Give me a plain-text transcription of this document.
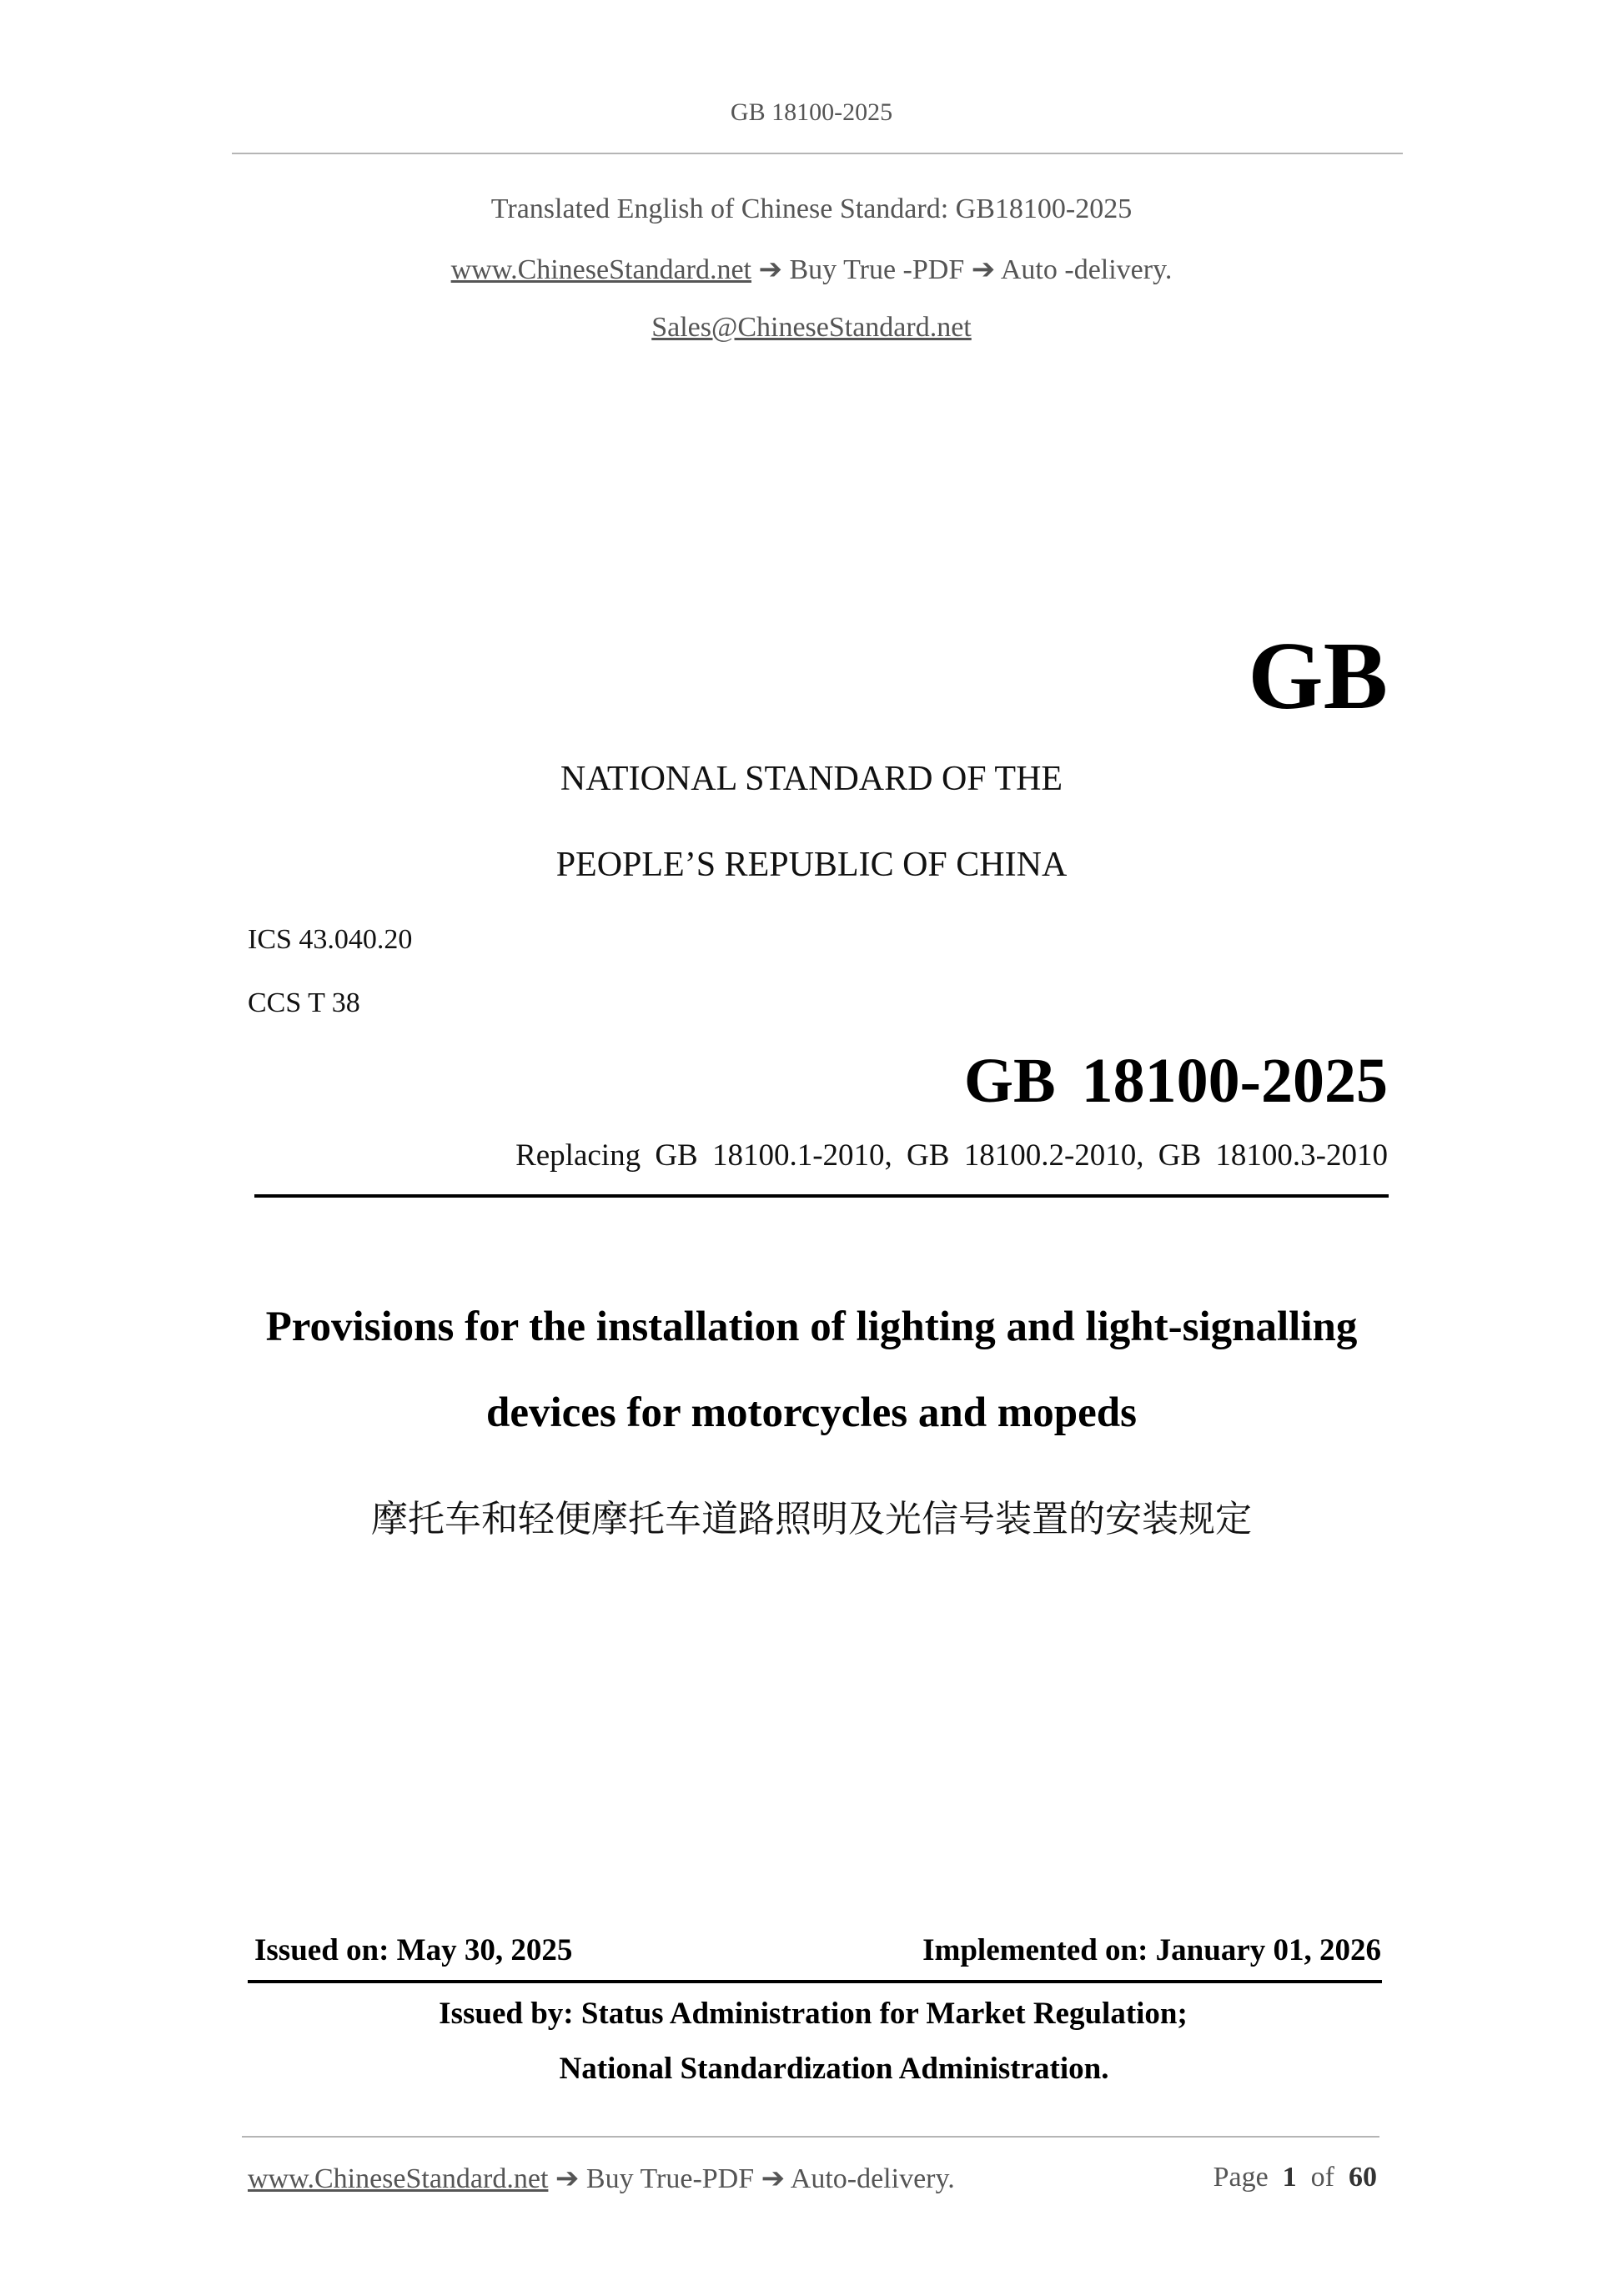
GB 18100-2025
Translated English of Chinese Standard: GB18100-2025
www.ChineseStandard.net ➔ Buy True -PDF ➔ Auto -delivery.
Sales@ChineseStandard.net
GB
NATIONAL STANDARD OF THE
PEOPLE’S REPUBLIC OF CHINA
ICS 43.040.20
CCS T 38
GB 18100-2025
Replacing GB 18100.1-2010, GB 18100.2-2010, GB 18100.3-2010
Provisions for the installation of lighting and light-signalling
devices for motorcycles and mopeds
摩托车和轻便摩托车道路照明及光信号装置的安装规定
Issued on: May 30, 2025	Implemented on: January 01, 2026
Issued by: Status Administration for Market Regulation;
National Standardization Administration.
www.ChineseStandard.net ➔ Buy True-PDF ➔ Auto-delivery.	Page 1 of 60
